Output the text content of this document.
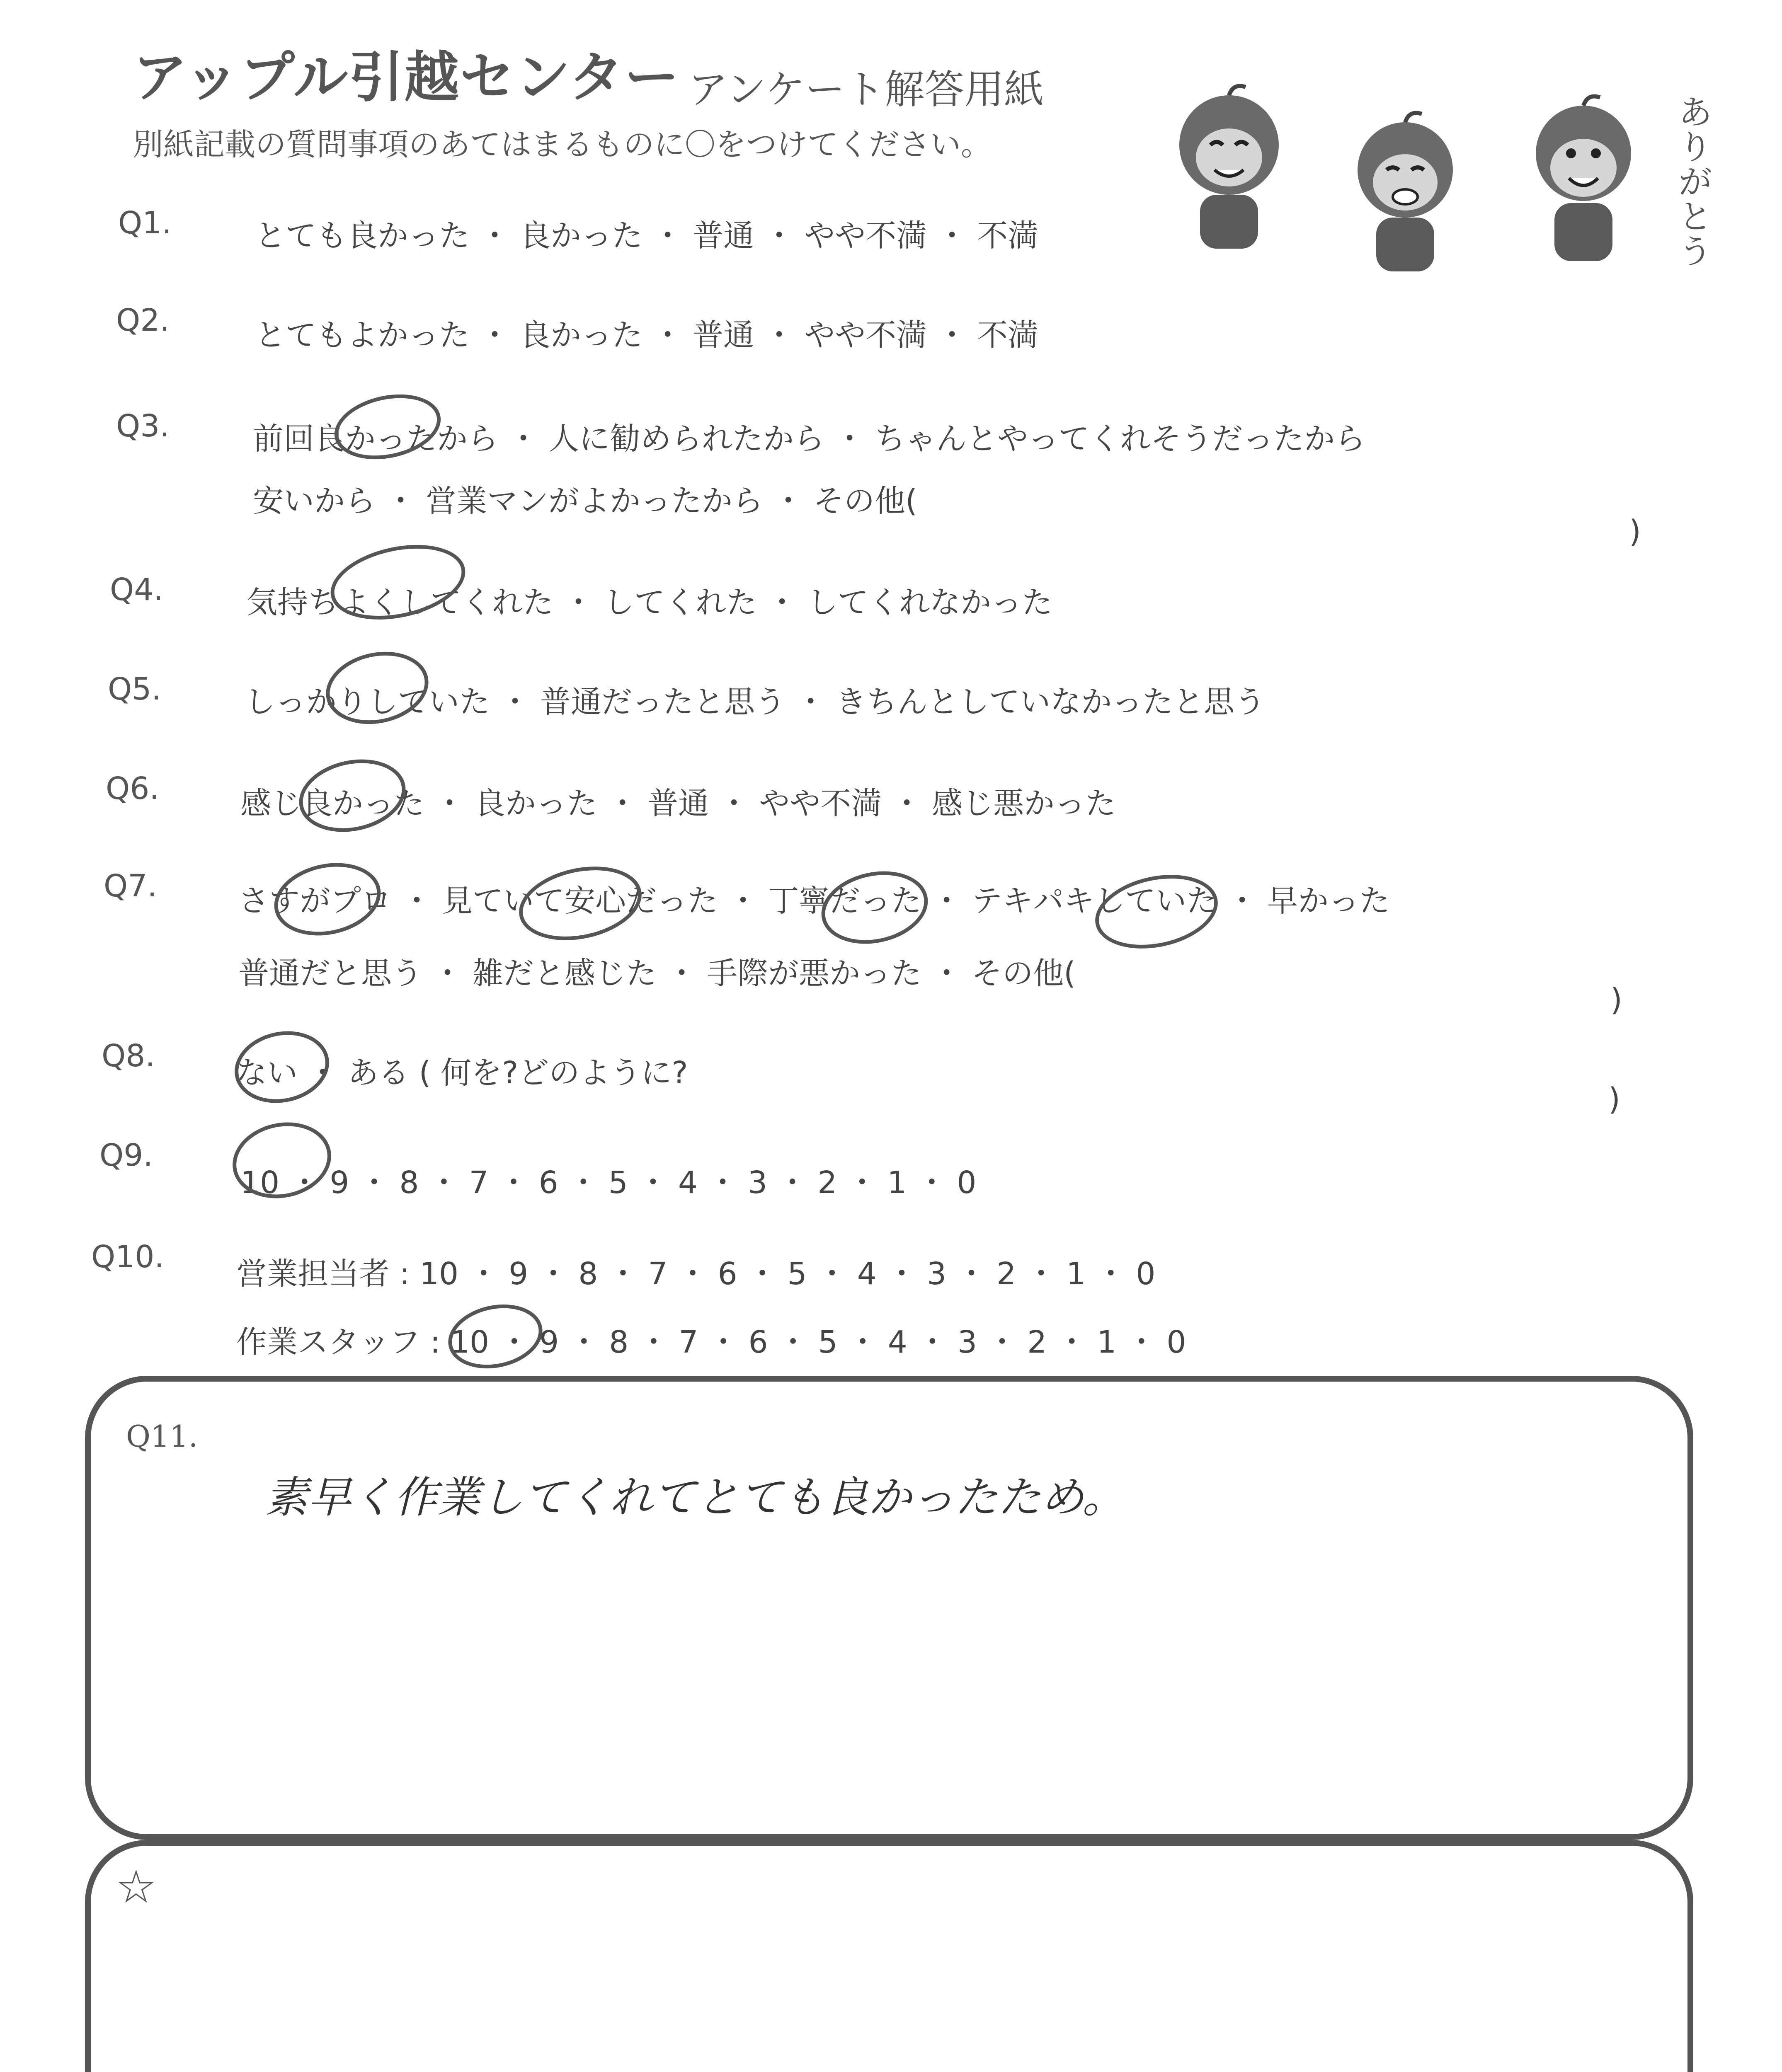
アップル引越センター アンケート解答用紙
別紙記載の質問事項のあてはまるものに〇をつけてください。
ありがとう
Q1.	とても良かった ・ 良かった ・ 普通 ・ やや不満 ・ 不満
Q2.	とてもよかった ・ 良かった ・ 普通 ・ やや不満 ・ 不満
Q3.	前回良かったから ・ 人に勧められたから ・ ちゃんとやってくれそうだったから
安いから ・ 営業マンがよかったから ・ その他(
)
Q4.	気持ちよくしてくれた ・ してくれた ・ してくれなかった
Q5.	しっかりしていた ・ 普通だったと思う ・ きちんとしていなかったと思う
Q6.	感じ良かった ・ 良かった ・ 普通 ・ やや不満 ・ 感じ悪かった
Q7.	さすがプロ ・ 見ていて安心だった ・ 丁寧だった ・ テキパキしていた ・ 早かった
普通だと思う ・ 雑だと感じた ・ 手際が悪かった ・ その他(
)
Q8.	ない ・ ある ( 何を?どのように?
)
Q9.
10 ・ 9 ・ 8 ・ 7 ・ 6 ・ 5 ・ 4 ・ 3 ・ 2 ・ 1 ・ 0
Q10. 営業担当者 : 10 ・ 9 ・ 8 ・ 7 ・ 6 ・ 5 ・ 4 ・ 3 ・ 2 ・ 1 ・ 0
作業スタッフ : 10 ・ 9 ・ 8 ・ 7 ・ 6 ・ 5 ・ 4 ・ 3 ・ 2 ・ 1 ・ 0
Q11.
素早く作業してくれてとても良かったため。
☆
